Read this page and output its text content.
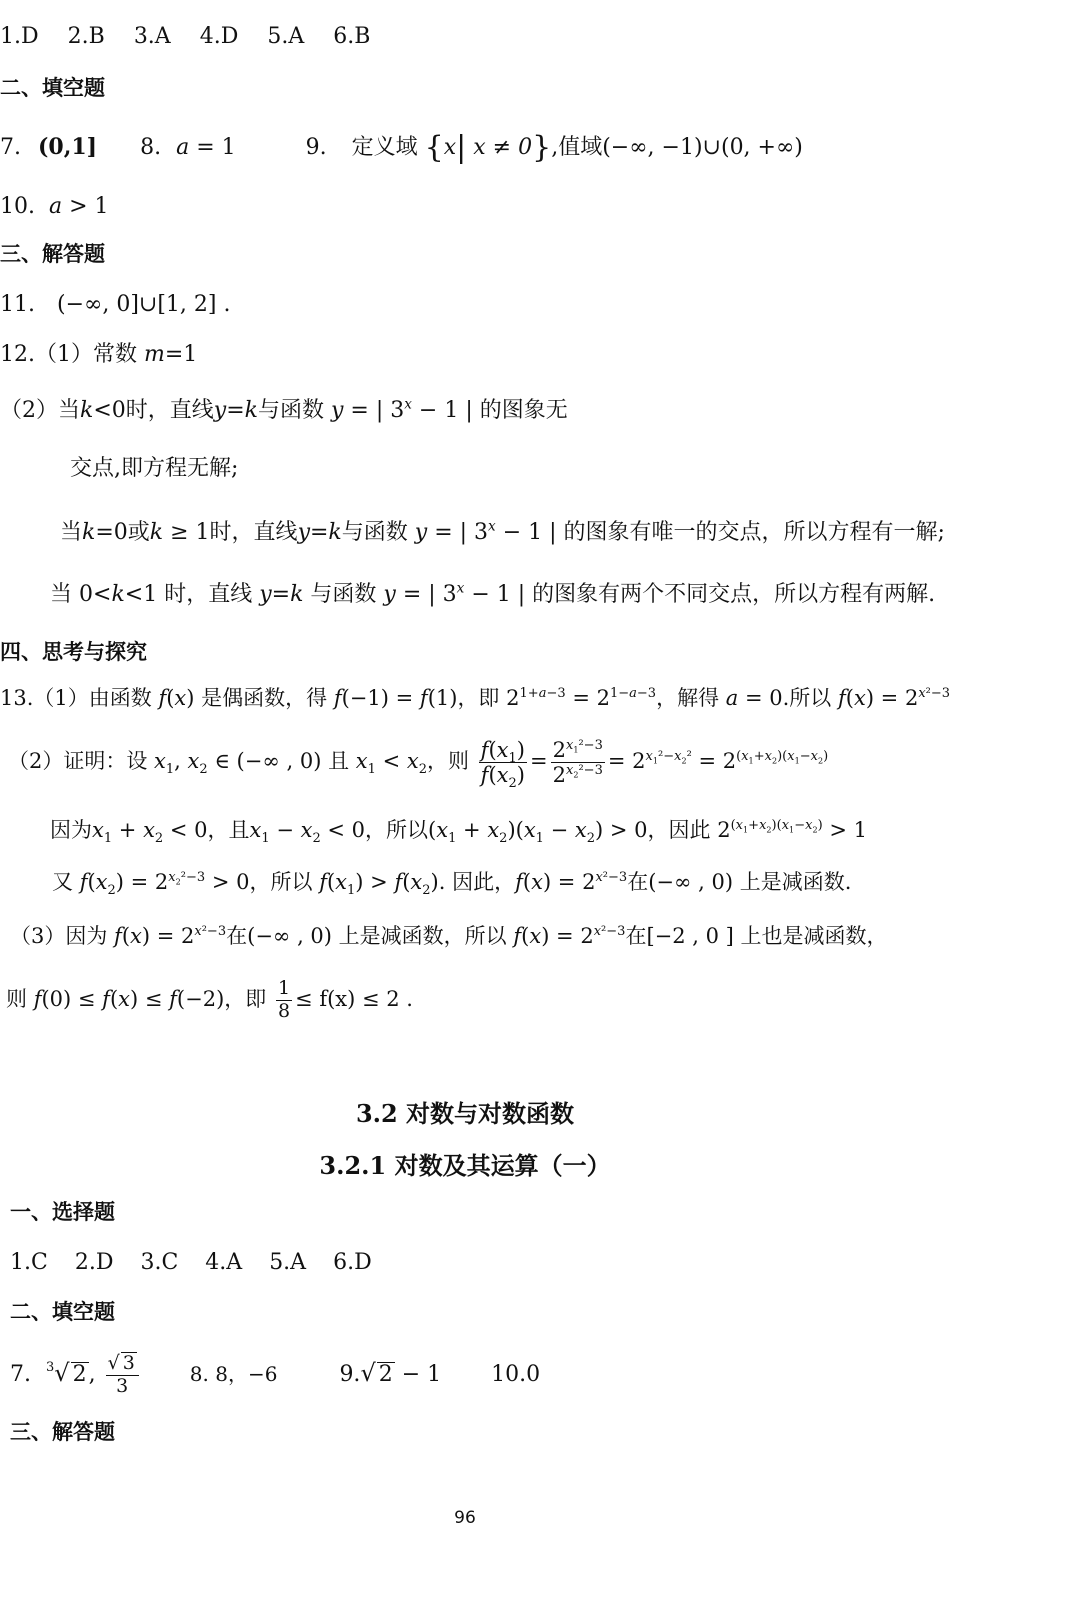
1.D 2.B 3.A 4.D 5.A 6.B
二、填空题
7. (0,1] 8. a = 1	9. 定义域 {x| x ≠ 0},值域(−∞, −1)∪(0, +∞)
10. a > 1
三、解答题
11.　(−∞, 0]∪[1, 2] .
12.（1）常数 m=1
（2）当k<0时，直线y=k与函数 y = | $3^x - 1$ | 的图象无
交点,即方程无解;
当k=0或k ≥ 1时，直线y=k与函数 y = | $3^x - 1$ | 的图象有唯一的交点，所以方程有一解;
当 0<k<1 时，直线 y=k 与函数 y = | $3^x - 1$ | 的图象有两个不同交点，所以方程有两解.
四、思考与探究
13.（1）由函数 f(x) 是偶函数，得 f(−1) = f(1)，即 $2^{1+a-3} = 2^{1-a-3}$，解得 a = 0.所以 $f(x) = 2^{x^2-3}$
（2）证明：设 $x_1$, $x_2$ ∈ (−∞ , 0) 且 $x_1 < x_2$，则 $\frac{f(x_1)}{f(x_2)} = \frac{2^{x_1^2-3}}{2^{x_2^2-3}} = 2^{x_1^2-x_2^2} = 2^{(x_1+x_2)(x_1-x_2)}$
因为$x_1 + x_2 < 0$，且$x_1 - x_2 < 0$，所以$(x_1 + x_2)(x_1 - x_2) > 0$，因此 $2^{(x_1+x_2)(x_1-x_2)} > 1$
又 $f(x_2) = 2^{x_2^2-3} > 0$，所以 $f(x_1) > f(x_2)$. 因此，$f(x) = 2^{x^2-3}$在(−∞ , 0) 上是减函数.
（3）因为 $f(x) = 2^{x^2-3}$在(−∞ , 0) 上是减函数，所以 $f(x) = 2^{x^2-3}$在[−2 , 0 ] 上也是减函数，
则 f(0) ≤ f(x) ≤ f(−2)，即 $\frac{1}{8} \le f(x) \le 2$ .
3.2 对数与对数函数
3.2.1 对数及其运算（一）
一、选择题
1.C 2.D 3.C 4.A 5.A 6.D
二、填空题
7. $^3$√ 2, $\frac{√ 3}{3}$	8. 8，−6	9.√ 2 − 1 10.0
三、解答题
96
